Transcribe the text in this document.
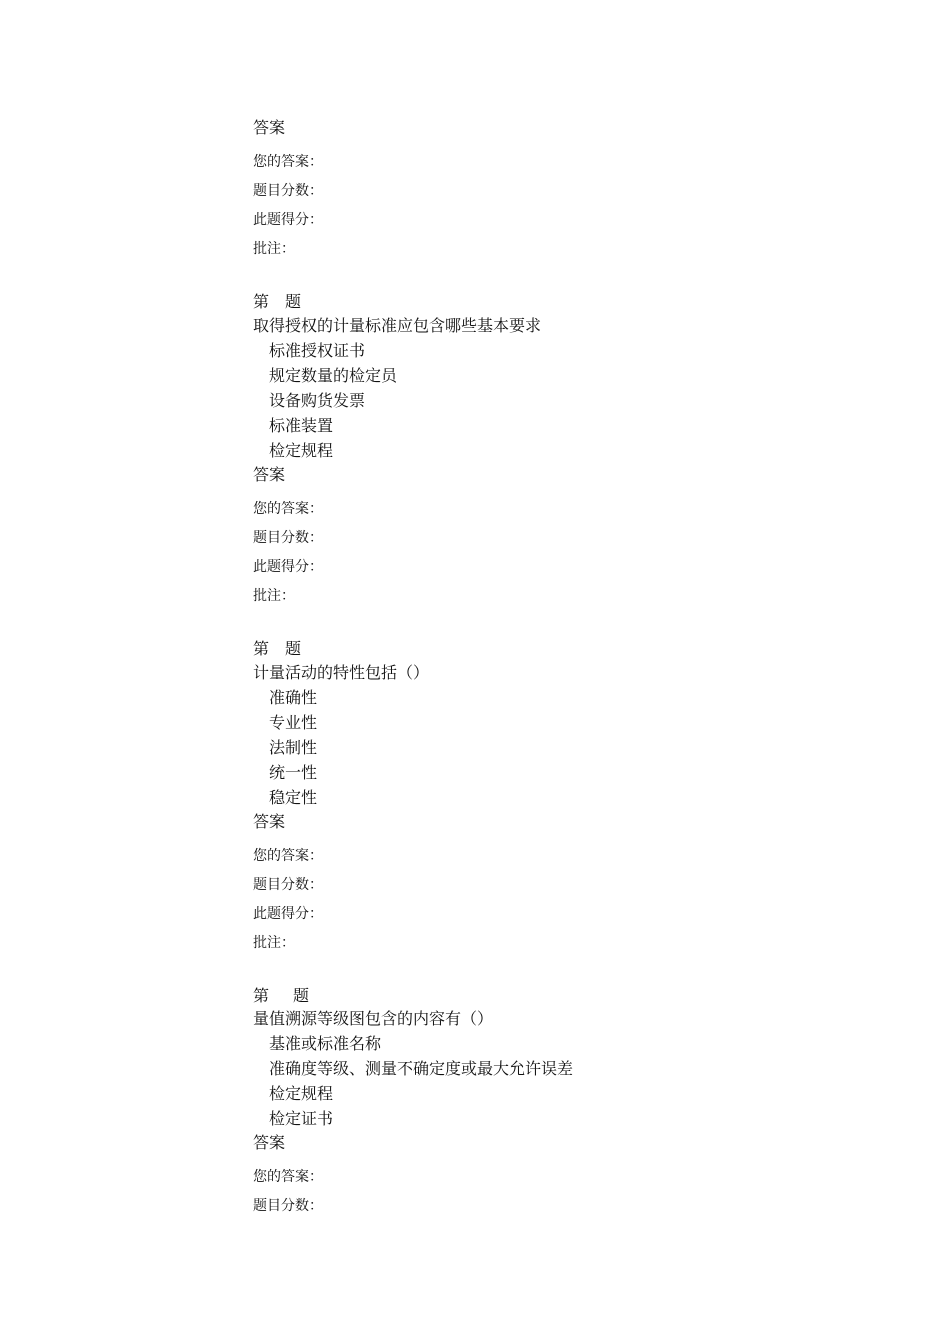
答案
您的答案：
题目分数：
此题得分：
批注：
第 题
取得授权的计量标准应包含哪些基本要求
标准授权证书
规定数量的检定员
设备购货发票
标准装置
检定规程
答案
您的答案：
题目分数：
此题得分：
批注：
第 题
计量活动的特性包括（）
准确性
专业性
法制性
统一性
稳定性
答案
您的答案：
题目分数：
此题得分：
批注：
第 题
量值溯源等级图包含的内容有（）
基准或标准名称
准确度等级、测量不确定度或最大允许误差
检定规程
检定证书
答案
您的答案：
题目分数：
